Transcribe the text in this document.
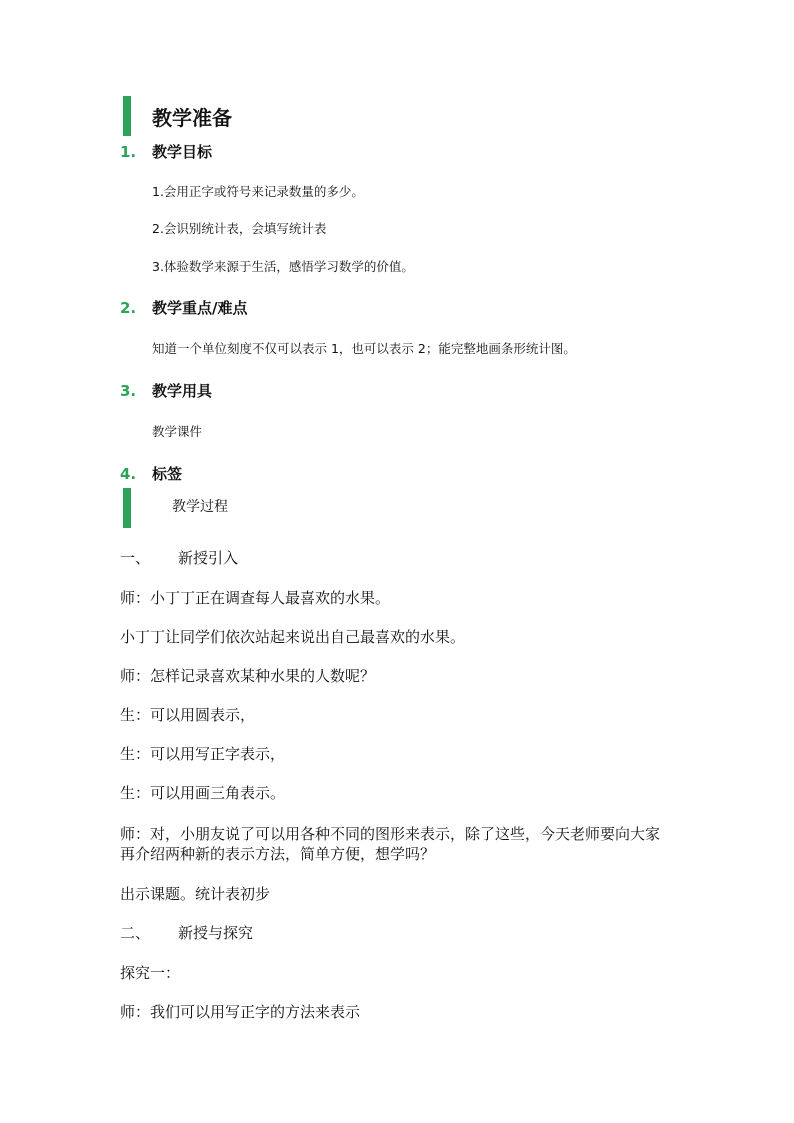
教学准备
1. 教学目标
1.会用正字或符号来记录数量的多少。
2.会识别统计表，会填写统计表
3.体验数学来源于生活，感悟学习数学的价值。
2. 教学重点/难点
知道一个单位刻度不仅可以表示 1，也可以表示 2；能完整地画条形统计图。
3. 教学用具
教学课件
4. 标签
教学过程
一、 新授引入
师：小丁丁正在调查每人最喜欢的水果。
小丁丁让同学们依次站起来说出自己最喜欢的水果。
师：怎样记录喜欢某种水果的人数呢？
生：可以用圆表示，
生：可以用写正字表示，
生：可以用画三角表示。
师：对，小朋友说了可以用各种不同的图形来表示，除了这些，今天老师要向大家再介绍两种新的表示方法，简单方便，想学吗？
出示课题。统计表初步
二、 新授与探究
探究一：
师：我们可以用写正字的方法来表示
